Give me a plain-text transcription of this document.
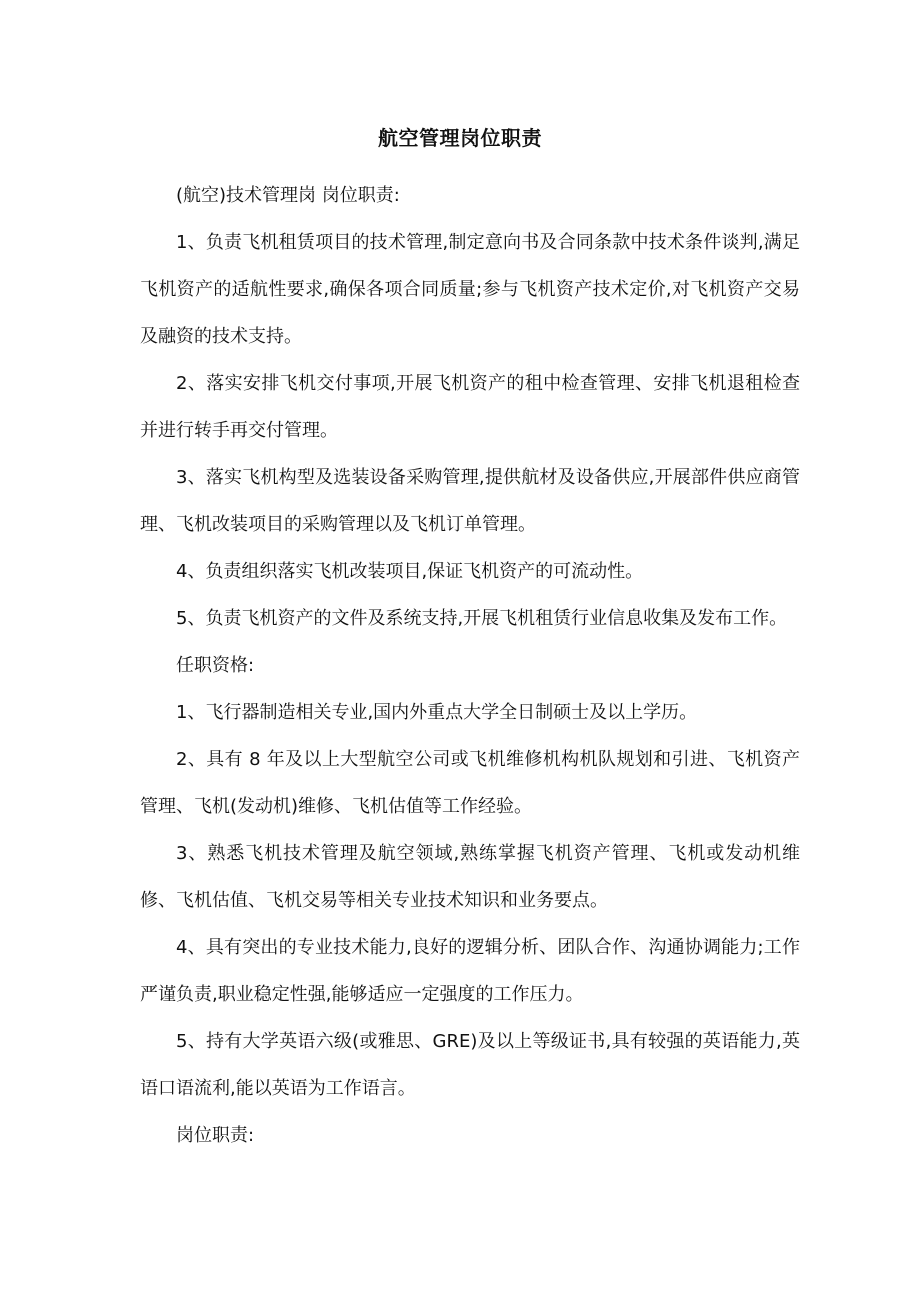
航空管理岗位职责

(航空)技术管理岗 岗位职责:

1、负责飞机租赁项目的技术管理,制定意向书及合同条款中技术条件谈判,满足飞机资产的适航性要求,确保各项合同质量;参与飞机资产技术定价,对飞机资产交易及融资的技术支持。

2、落实安排飞机交付事项,开展飞机资产的租中检查管理、安排飞机退租检查并进行转手再交付管理。

3、落实飞机构型及选装设备采购管理,提供航材及设备供应,开展部件供应商管理、飞机改装项目的采购管理以及飞机订单管理。

4、负责组织落实飞机改装项目,保证飞机资产的可流动性。

5、负责飞机资产的文件及系统支持,开展飞机租赁行业信息收集及发布工作。

任职资格:

1、飞行器制造相关专业,国内外重点大学全日制硕士及以上学历。

2、具有 8 年及以上大型航空公司或飞机维修机构机队规划和引进、飞机资产管理、飞机(发动机)维修、飞机估值等工作经验。

3、熟悉飞机技术管理及航空领域,熟练掌握飞机资产管理、飞机或发动机维修、飞机估值、飞机交易等相关专业技术知识和业务要点。

4、具有突出的专业技术能力,良好的逻辑分析、团队合作、沟通协调能力;工作严谨负责,职业稳定性强,能够适应一定强度的工作压力。

5、持有大学英语六级(或雅思、GRE)及以上等级证书,具有较强的英语能力,英语口语流利,能以英语为工作语言。

岗位职责:
